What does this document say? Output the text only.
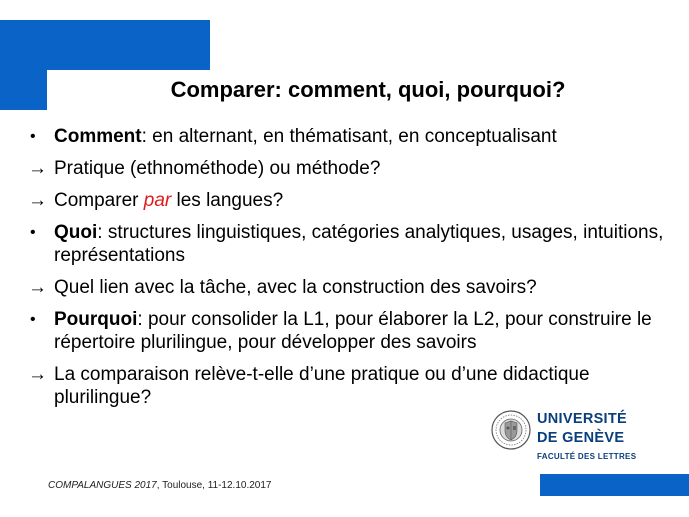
Comparer: comment, quoi, pourquoi?
• Comment: en alternant, en thématisant, en conceptualisant
→ Pratique (ethnométhode) ou méthode?
→ Comparer par les langues?
• Quoi: structures linguistiques, catégories analytiques, usages, intuitions, représentations
→ Quel lien avec la tâche, avec la construction des savoirs?
• Pourquoi: pour consolider la L1, pour élaborer la L2, pour construire le répertoire plurilingue, pour développer des savoirs
→ La comparaison relève-t-elle d’une pratique ou d’une didactique plurilingue?
UNIVERSITÉ
DE GENÈVE
FACULTÉ DES LETTRES
COMPALANGUES 2017, Toulouse, 11-12.10.2017
